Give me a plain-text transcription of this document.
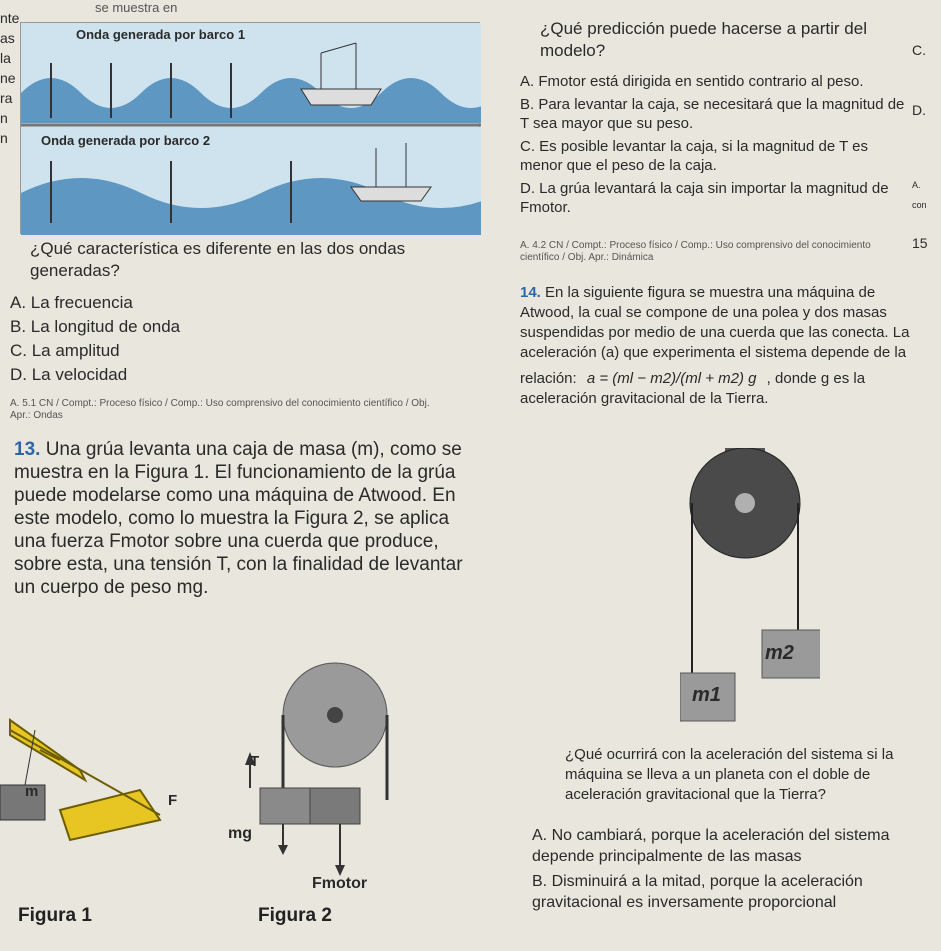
se muestra en
nte
as
la
ne
ra
n
n
Onda generada por barco 1
Onda generada por barco 2
¿Qué característica es diferente en las dos ondas generadas?
A. La frecuencia
B. La longitud de onda
C. La amplitud
D. La velocidad
A. 5.1 CN / Compt.: Proceso físico / Comp.: Uso comprensivo del conocimiento científico / Obj. Apr.: Ondas
13. Una grúa levanta una caja de masa (m), como se muestra en la Figura 1. El funcionamiento de la grúa puede modelarse como una máquina de Atwood. En este modelo, como lo muestra la Figura 2, se aplica una fuerza Fmotor sobre una cuerda que produce, sobre esta, una tensión T, con la finalidad de levantar un cuerpo de peso mg.
T
F
m
mg
Fmotor
Figura 1	Figura 2
¿Qué predicción puede hacerse a partir del modelo?
A. Fmotor está dirigida en sentido contrario al peso.
B. Para levantar la caja, se necesitará que la magnitud de T sea mayor que su peso.
C. Es posible levantar la caja, si la magnitud de T es menor que el peso de la caja.
D. La grúa levantará la caja sin importar la magnitud de Fmotor.
A. 4.2 CN / Compt.: Proceso físico / Comp.: Uso comprensivo del conocimiento científico / Obj. Apr.: Dinámica
14. En la siguiente figura se muestra una máquina de Atwood, la cual se compone de una polea y dos masas suspendidas por medio de una cuerda que las conecta. La aceleración (a) que experimenta el sistema depende de la
relación: a = (ml − m2)/(ml + m2) g , donde g es la aceleración gravitacional de la Tierra.
m2
m1
¿Qué ocurrirá con la aceleración del sistema si la máquina se lleva a un planeta con el doble de aceleración gravitacional que la Tierra?
A. No cambiará, porque la aceleración del sistema depende principalmente de las masas
B. Disminuirá a la mitad, porque la aceleración gravitacional es inversamente proporcional
C.
D.
A.
con
15
